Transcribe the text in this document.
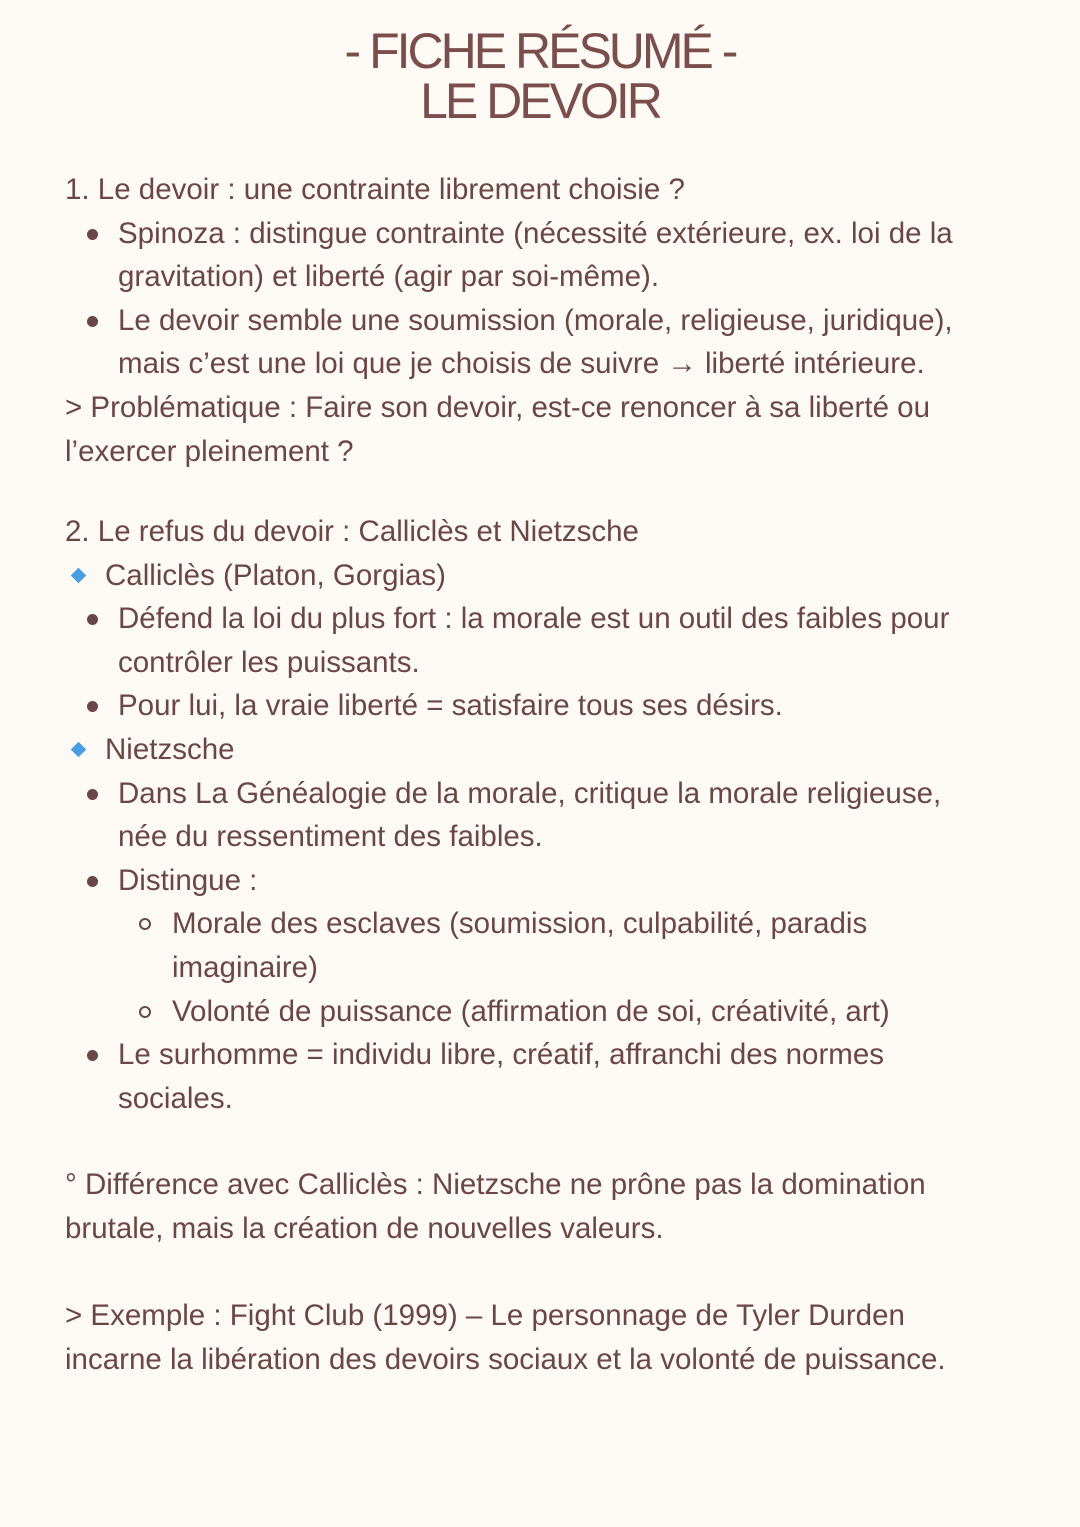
- FICHE RÉSUMÉ -
LE DEVOIR
1. Le devoir : une contrainte librement choisie ?
Spinoza : distingue contrainte (nécessité extérieure, ex. loi de la
gravitation) et liberté (agir par soi-même).
Le devoir semble une soumission (morale, religieuse, juridique),
mais c’est une loi que je choisis de suivre → liberté intérieure.
> Problématique : Faire son devoir, est-ce renoncer à sa liberté ou
l’exercer pleinement ?
2. Le refus du devoir : Calliclès et Nietzsche
Calliclès (Platon, Gorgias)
Défend la loi du plus fort : la morale est un outil des faibles pour
contrôler les puissants.
Pour lui, la vraie liberté = satisfaire tous ses désirs.
Nietzsche
Dans La Généalogie de la morale, critique la morale religieuse,
née du ressentiment des faibles.
Distingue :
Morale des esclaves (soumission, culpabilité, paradis
imaginaire)
Volonté de puissance (affirmation de soi, créativité, art)
Le surhomme = individu libre, créatif, affranchi des normes
sociales.
° Différence avec Calliclès : Nietzsche ne prône pas la domination
brutale, mais la création de nouvelles valeurs.
> Exemple : Fight Club (1999) – Le personnage de Tyler Durden
incarne la libération des devoirs sociaux et la volonté de puissance.
